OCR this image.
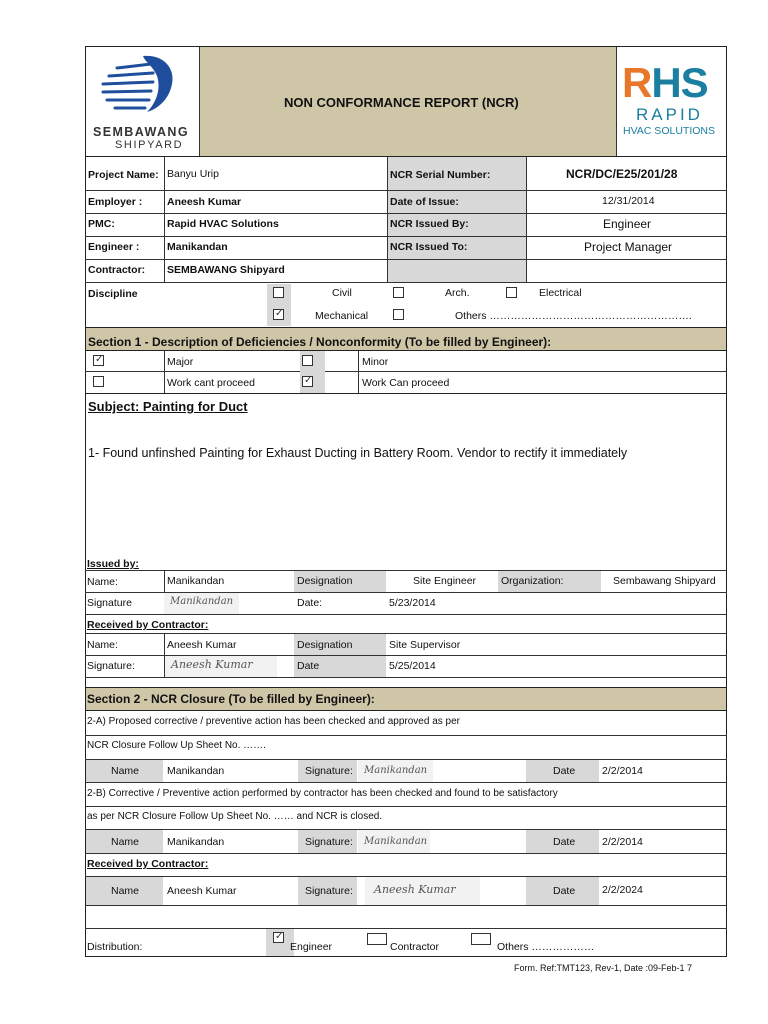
SEMBAWANG
SHIPYARD
NON CONFORMANCE REPORT (NCR) RHS
RAPID
HVAC SOLUTIONS
Project Name: Banyu Urip
Employer : Aneesh Kumar
PMC:	Rapid HVAC Solutions
Engineer :	Manikandan
Contractor: SEMBAWANG Shipyard
NCR Serial Number:	NCR/DC/E25/201/28
Date of Issue:	12/31/2014
NCR Issued By:	Engineer
NCR Issued To:	Project Manager
Discipline	Civil	Arch.	Electrical
✓
Mechanical	Others ………………………………………………….
Section 1 - Description of Deficiencies / Nonconformity (To be filled by Engineer):
✓
Major	Minor
Work cant proceed
✓	Work Can proceed
Subject: Painting for Duct
1- Found unfinshed Painting for Exhaust Ducting in Battery Room. Vendor to rectify it immediately
Issued by:
Name:	Manikandan	Designation	Site Engineer Organization:	Sembawang Shipyard
Signature	Manikandan	Date:	5/23/2014
Received by Contractor:
Name:	Aneesh Kumar	Designation	Site Supervisor
Signature:	Aneesh Kumar	Date	5/25/2014
Section 2 - NCR Closure (To be filled by Engineer):
2-A) Proposed corrective / preventive action has been checked and approved as per
NCR Closure Follow Up Sheet No. …….
Name	Manikandan	Signature: Manikandan	Date	2/2/2014
2-B) Corrective / Preventive action performed by contractor has been checked and found to be satisfactory
as per NCR Closure Follow Up Sheet No. …… and NCR is closed.
Name	Manikandan	Signature: Manikandan	Date	2/2/2014
Received by Contractor:
Name	Aneesh Kumar	Signature: Aneesh Kumar	Date	2/2/2024
Distribution:
✓	Engineer	Contractor	Others ………………
Form. Ref:TMT123, Rev-1, Date :09-Feb-1 7
